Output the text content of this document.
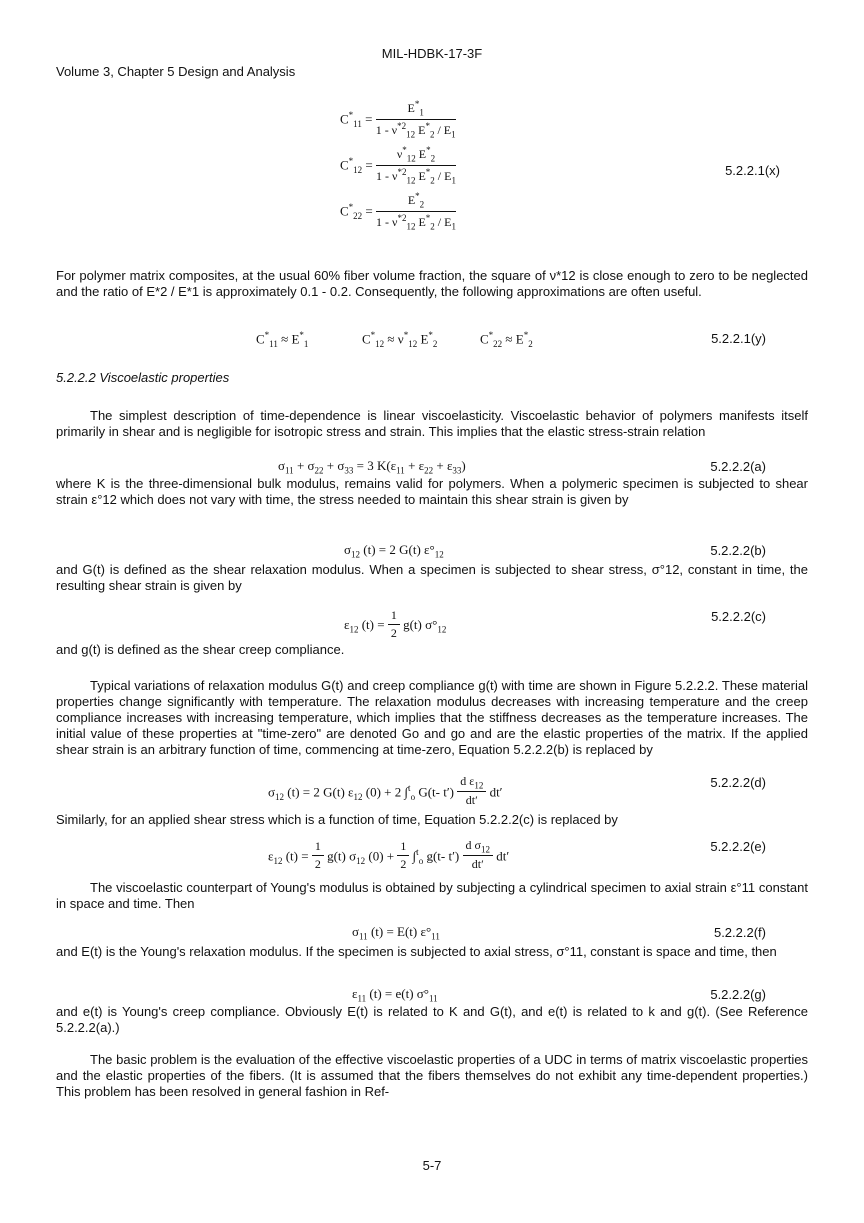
MIL-HDBK-17-3F
Volume 3, Chapter 5 Design and Analysis
$C^*_{11} = \frac{E^*_1}{1 - \nu^{*2}_{12} E^*_2 / E_1}$
$C^*_{12} = \frac{\nu^*_{12} E^*_2}{1 - \nu^{*2}_{12} E^*_2 / E_1}$
$C^*_{22} = \frac{E^*_2}{1 - \nu^{*2}_{12} E^*_2 / E_1}$
5.2.2.1(x)
For polymer matrix composites, at the usual 60% fiber volume fraction, the square of ν*12 is close enough to zero to be neglected and the ratio of E*2 / E*1 is approximately 0.1 - 0.2. Consequently, the following approximations are often useful.
$C^*_{11} \approx E^*_1$	$C^*_{12} \approx \nu^*_{12}$ $E^*_2$	$C^*_{22} \approx E^*_2$	5.2.2.1(y)
5.2.2.2 Viscoelastic properties
The simplest description of time-dependence is linear viscoelasticity. Viscoelastic behavior of polymers manifests itself primarily in shear and is negligible for isotropic stress and strain. This implies that the elastic stress-strain relation
$\sigma_{11} + \sigma_{22} + \sigma_{33} = 3$ $K(\varepsilon_{11} + \varepsilon_{22} + \varepsilon_{33})$	5.2.2.2(a)
where K is the three-dimensional bulk modulus, remains valid for polymers. When a polymeric specimen is subjected to shear strain ε°12 which does not vary with time, the stress needed to maintain this shear strain is given by
$\sigma_{12}$ (t) = 2 G(t) $\varepsilon^\circ_{12}$	5.2.2.2(b)
and G(t) is defined as the shear relaxation modulus. When a specimen is subjected to shear stress, σ°12, constant in time, the resulting shear strain is given by
$\varepsilon_{12}$ $(t) = \frac{1}{2} g(t)$ $\sigma^\circ_{12}$
5.2.2.2(c)
and g(t) is defined as the shear creep compliance.
Typical variations of relaxation modulus G(t) and creep compliance g(t) with time are shown in Figure 5.2.2.2. These material properties change significantly with temperature. The relaxation modulus decreases with increasing temperature and the creep compliance increases with increasing temperature, which implies that the stiffness decreases as the temperature increases. The initial value of these properties at "time-zero" are denoted Go and go and are the elastic properties of the matrix. If the applied shear strain is an arbitrary function of time, commencing at time-zero, Equation 5.2.2.2(b) is replaced by
$\sigma_{12}$ (t) = 2 G(t) $\varepsilon_{12}$ (0) + 2 ∫$^t_o$ G(t- $t') \frac{d \varepsilon_{12}}{dt'} dt'$
5.2.2.2(d)
Similarly, for an applied shear stress which is a function of time, Equation 5.2.2.2(c) is replaced by
$\varepsilon_{12}$ $(t) = \frac{1}{2} g(t)$ $\sigma_{12}$ $(0) + \frac{1}{2} \int^t_o$ g(t- $t') \frac{d \sigma_{12}}{dt'} dt'$
5.2.2.2(e)
The viscoelastic counterpart of Young's modulus is obtained by subjecting a cylindrical specimen to axial strain ε°11 constant in space and time. Then
$\sigma_{11}$ (t) = E(t) $\varepsilon^\circ_{11}$	5.2.2.2(f)
and E(t) is the Young's relaxation modulus. If the specimen is subjected to axial stress, σ°11, constant is space and time, then
$\varepsilon_{11}$ (t) = e(t) $\sigma^\circ_{11}$	5.2.2.2(g)
and e(t) is Young's creep compliance. Obviously E(t) is related to K and G(t), and e(t) is related to k and g(t). (See Reference 5.2.2.2(a).)
The basic problem is the evaluation of the effective viscoelastic properties of a UDC in terms of matrix viscoelastic properties and the elastic properties of the fibers. (It is assumed that the fibers themselves do not exhibit any time-dependent properties.) This problem has been resolved in general fashion in Ref-
5-7
